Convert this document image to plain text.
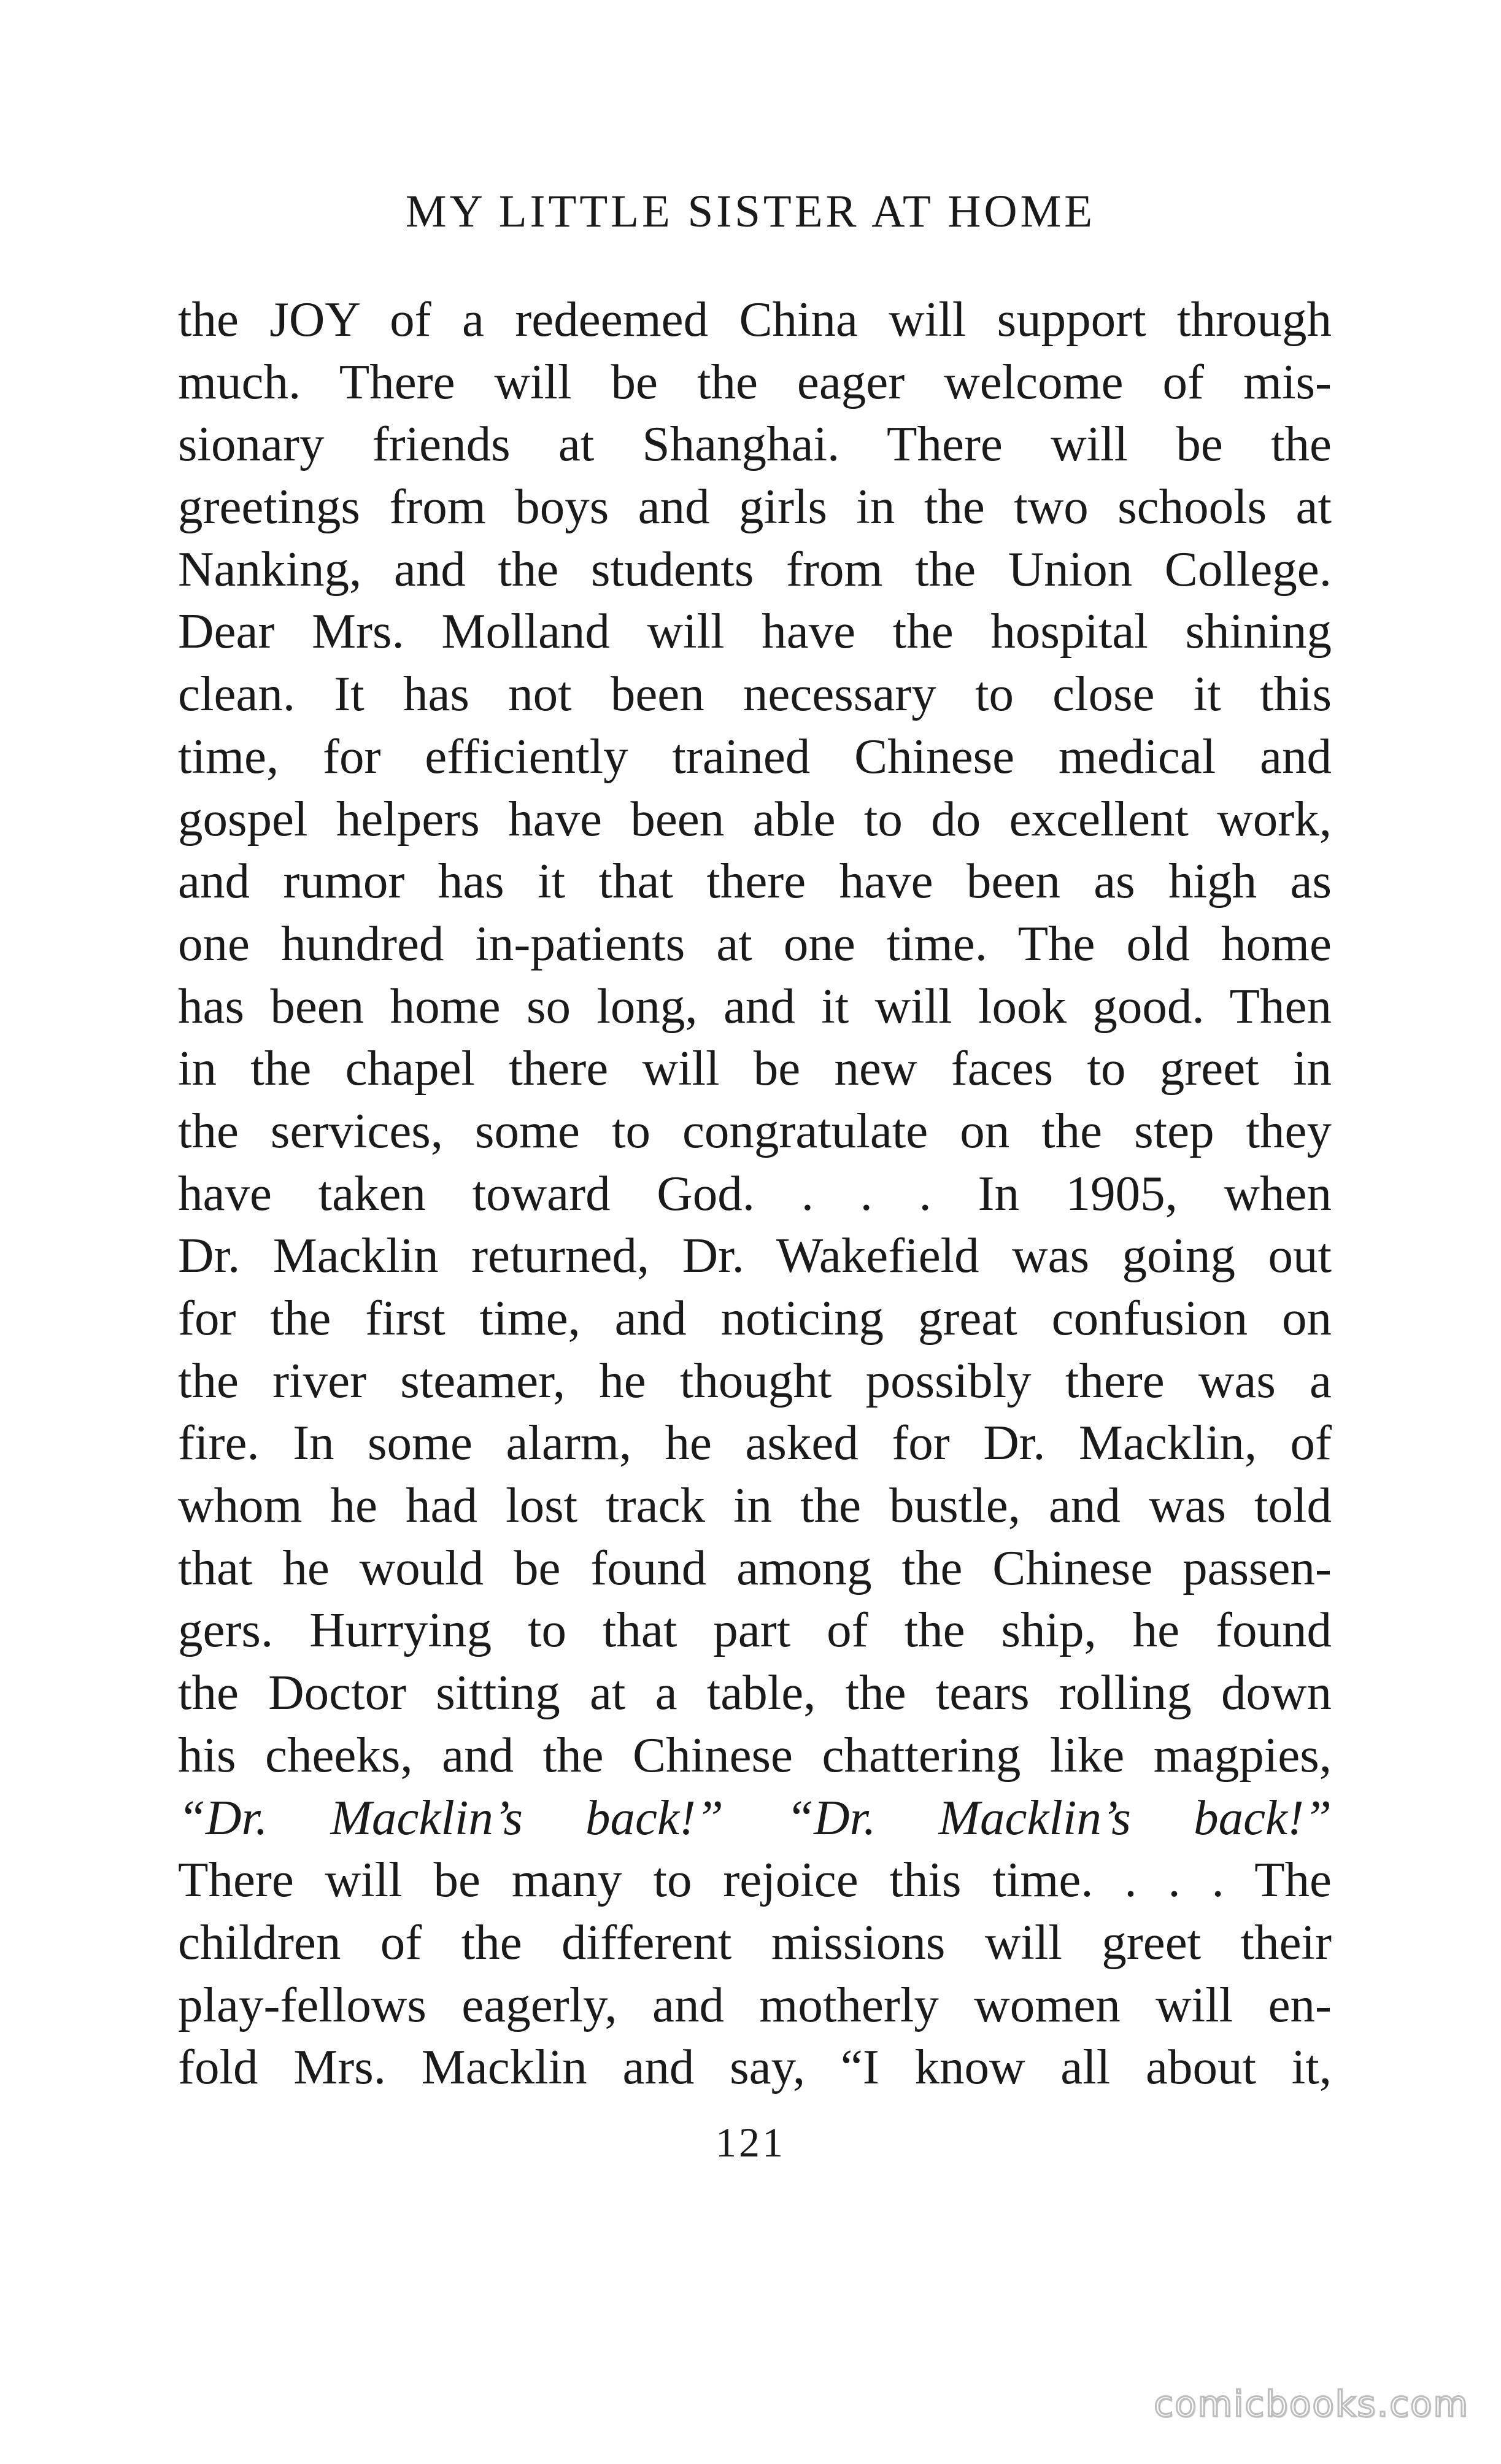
MY LITTLE SISTER AT HOME
the JOY of a redeemed China will support through
much. There will be the eager welcome of mis-
sionary friends at Shanghai. There will be the
greetings from boys and girls in the two schools at
Nanking, and the students from the Union College.
Dear Mrs. Molland will have the hospital shining
clean. It has not been necessary to close it this
time, for efficiently trained Chinese medical and
gospel helpers have been able to do excellent work,
and rumor has it that there have been as high as
one hundred in-patients at one time. The old home
has been home so long, and it will look good. Then
in the chapel there will be new faces to greet in
the services, some to congratulate on the step they
have taken toward God. . . . In 1905, when
Dr. Macklin returned, Dr. Wakefield was going out
for the first time, and noticing great confusion on
the river steamer, he thought possibly there was a
fire. In some alarm, he asked for Dr. Macklin, of
whom he had lost track in the bustle, and was told
that he would be found among the Chinese passen-
gers. Hurrying to that part of the ship, he found
the Doctor sitting at a table, the tears rolling down
his cheeks, and the Chinese chattering like magpies,
“Dr. Macklin’s back!” “Dr. Macklin’s back!”
There will be many to rejoice this time. . . . The
children of the different missions will greet their
play-fellows eagerly, and motherly women will en-
fold Mrs. Macklin and say, “I know all about it,
121
comicbooks.com
